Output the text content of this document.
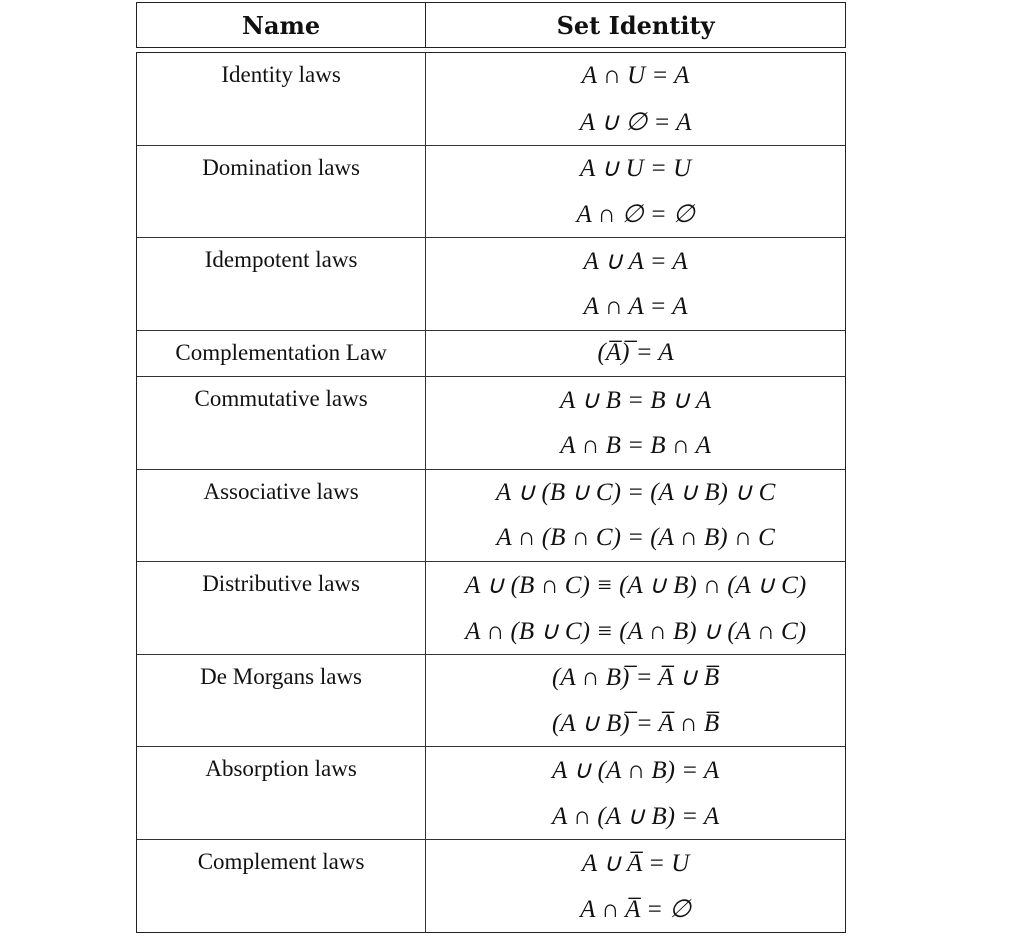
Name	Set Identity
Identity laws	A ∩ U = A
A ∪ ∅ = A
Domination laws	A ∪ U = U
A ∩ ∅ = ∅
Idempotent laws	A ∪ A = A
A ∩ A = A
Complementation Law	(A̅)̅ = A
Commutative laws	A ∪ B = B ∪ A
A ∩ B = B ∩ A
Associative laws	A ∪ (B ∪ C) = (A ∪ B) ∪ C
A ∩ (B ∩ C) = (A ∩ B) ∩ C
Distributive laws	A ∪ (B ∩ C) ≡ (A ∪ B) ∩ (A ∪ C)
A ∩ (B ∪ C) ≡ (A ∩ B) ∪ (A ∩ C)
De Morgans laws	(A ∩ B)̅ = A̅ ∪ B̅
(A ∪ B)̅ = A̅ ∩ B̅
Absorption laws	A ∪ (A ∩ B) = A
A ∩ (A ∪ B) = A
Complement laws	A ∪ A̅ = U
A ∩ A̅ = ∅
